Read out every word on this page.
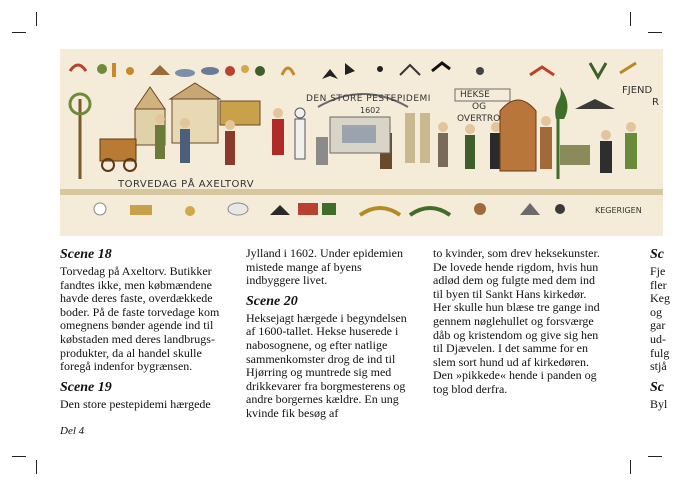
TORVEDAG PÅ AXELTORV
DEN STORE PESTEPIDEMI
1602
HEKSE
OG
OVERTRO
FJEND
R
KEGERIGEN
Scene 18

Torvedag på Axeltorv. Butikker fandtes ikke, men købmændene havde deres faste, overdækkede boder. På de faste torvedage kom omegnens bønder agende ind til købstaden med deres landbrugsprodukter, da al handel skulle foregå indenfor bygrænsen.

Scene 19

Den store pestepidemi hærgede

Jylland i 1602. Under epidemien mistede mange af byens indbyggere livet.

Scene 20

Heksejagt hærgede i begyndelsen af 1600-tallet. Hekse huserede i nabosognene, og efter natlige sammenkomster drog de ind til Hjørring og muntrede sig med drikkevarer fra borgmesterens og andre borgernes kældre. En ung kvinde fik besøg af

to kvinder, som drev heksekunster. De lovede hende rigdom, hvis hun adlød dem og fulgte med dem ind til byen til Sankt Hans kirkedør. Her skulle hun blæse tre gange ind gennem nøglehullet og forsværge dåb og kristendom og give sig hen til Djævelen. I det samme for en slem sort hund ud af kirkedøren. Den »pikkede« hende i panden og tog blod derfra.

Sc
Fje
fler
Keg
og
gar
ud-
fulg
stjå
Sc
Byl
Del 4
